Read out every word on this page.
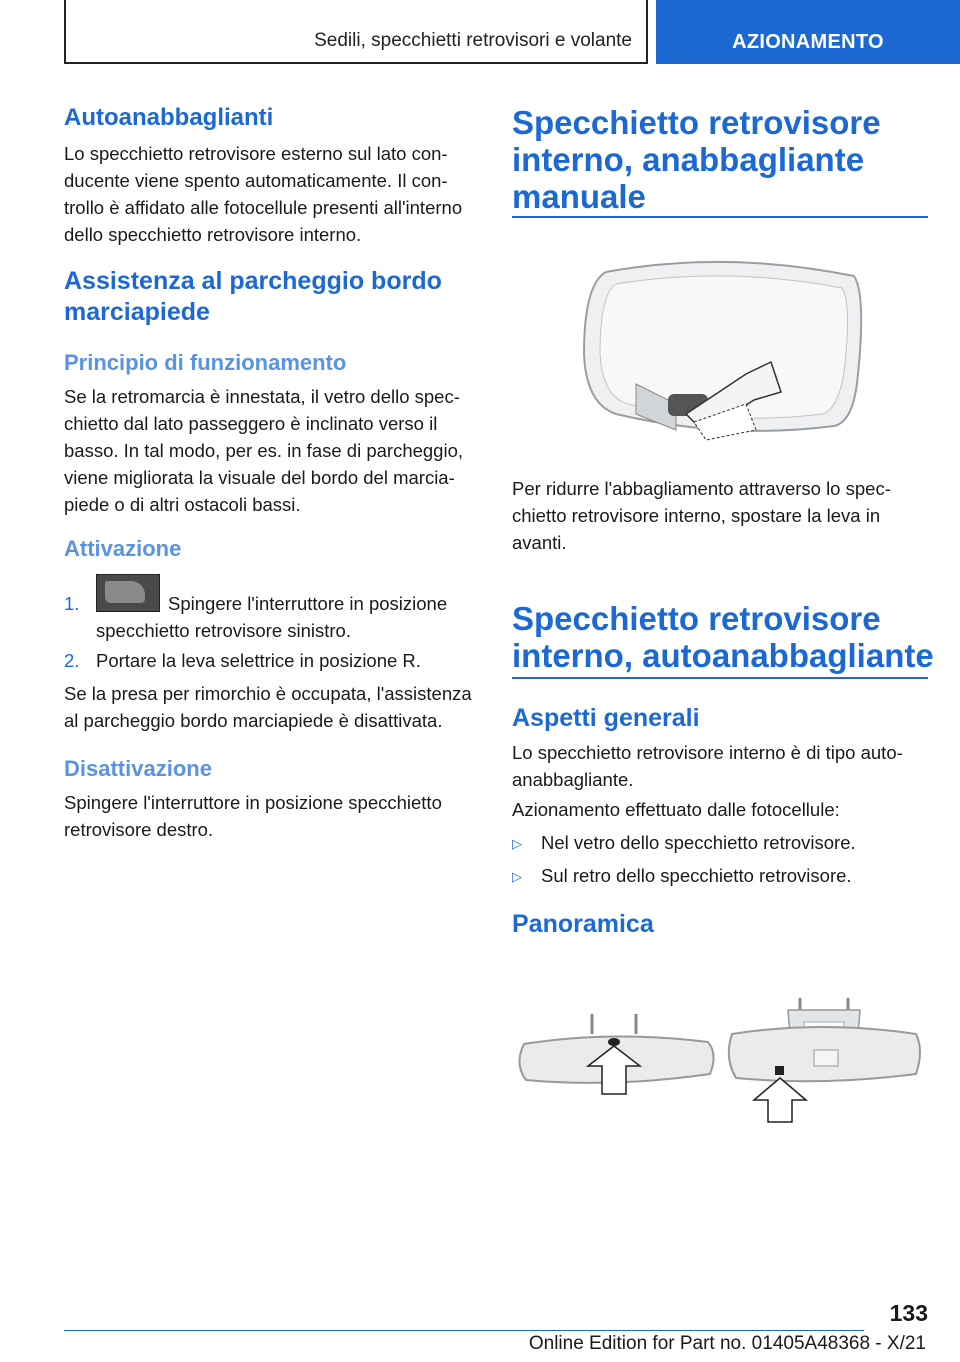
Sedili, specchietti retrovisori e volante	AZIONAMENTO
Autoanabbaglianti
Lo specchietto retrovisore esterno sul lato con-
ducente viene spento automaticamente. Il con-
trollo è affidato alle fotocellule presenti all'interno
dello specchietto retrovisore interno.
Assistenza al parcheggio bordo
marciapiede
Principio di funzionamento
Se la retromarcia è innestata, il vetro dello spec-
chietto dal lato passeggero è inclinato verso il
basso. In tal modo, per es. in fase di parcheggio,
viene migliorata la visuale del bordo del marcia-
piede o di altri ostacoli bassi.
Attivazione
1.	Spingere l'interruttore in posizione
specchietto retrovisore sinistro.
2. Portare la leva selettrice in posizione R.
Se la presa per rimorchio è occupata, l'assistenza
al parcheggio bordo marciapiede è disattivata.
Disattivazione
Spingere l'interruttore in posizione specchietto
retrovisore destro.
Specchietto retrovisore
interno, anabbagliante
manuale
Per ridurre l'abbagliamento attraverso lo spec-
chietto retrovisore interno, spostare la leva in
avanti.
Specchietto retrovisore
interno, autoanabbagliante
Aspetti generali
Lo specchietto retrovisore interno è di tipo auto-
anabbagliante.
Azionamento effettuato dalle fotocellule:
▷ Nel vetro dello specchietto retrovisore.
▷ Sul retro dello specchietto retrovisore.
Panoramica
133
Online Edition for Part no. 01405A48368 - X/21
